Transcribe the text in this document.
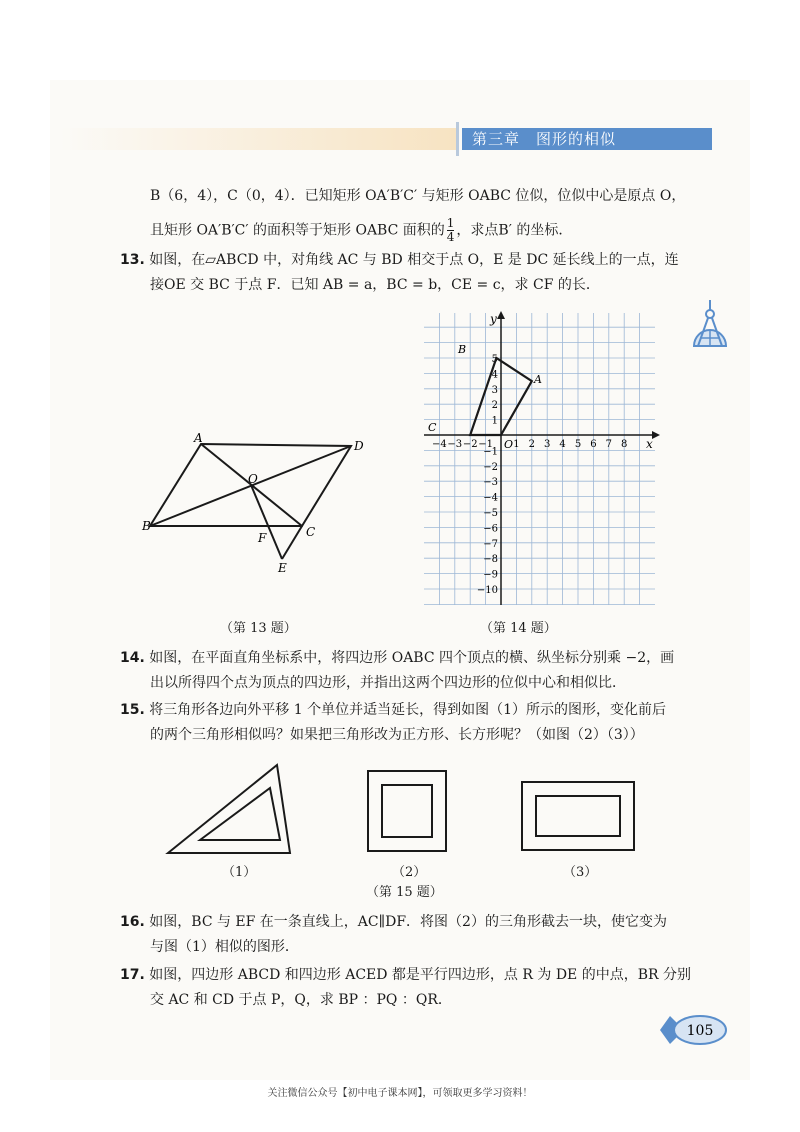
第三章　图形的相似
B（6，4），C（0，4）．已知矩形 OA′B′C′ 与矩形 OABC 位似，位似中心是原点 O，
且矩形 OA′B′C′ 的面积等于矩形 OABC 面积的 $\frac{1}{4}$ ，求点B′ 的坐标．
13. 如图，在▱ABCD 中，对角线 AC 与 BD 相交于点 O，E 是 DC 延长线上的一点，连
接OE 交 BC 于点 F．已知 AB = a，BC = b，CE = c，求 CF 的长．
A
D
B	C
O
F
E
（第 13 题）
−4 −3 −2 −1 1 2 3 4 5 6 7 8
1
2
3
4
5
−1
−2
−3
−4
−5
−6
−7
−8
−9
−10
x
y
O
B
A
C
（第 14 题）
14. 如图，在平面直角坐标系中，将四边形 OABC 四个顶点的横、纵坐标分别乘 −2，画
出以所得四个点为顶点的四边形，并指出这两个四边形的位似中心和相似比．
15. 将三角形各边向外平移 1 个单位并适当延长，得到如图（1）所示的图形，变化前后
的两个三角形相似吗？如果把三角形改为正方形、长方形呢？（如图（2）（3））
（1）	（2）	（3）
（第 15 题）
16. 如图，BC 与 EF 在一条直线上，AC∥DF．将图（2）的三角形截去一块，使它变为
与图（1）相似的图形．
17. 如图，四边形 ABCD 和四边形 ACED 都是平行四边形，点 R 为 DE 的中点，BR 分别
交 AC 和 CD 于点 P，Q，求 BP ：PQ ：QR．
105
关注微信公众号【初中电子课本网】，可领取更多学习资料！
